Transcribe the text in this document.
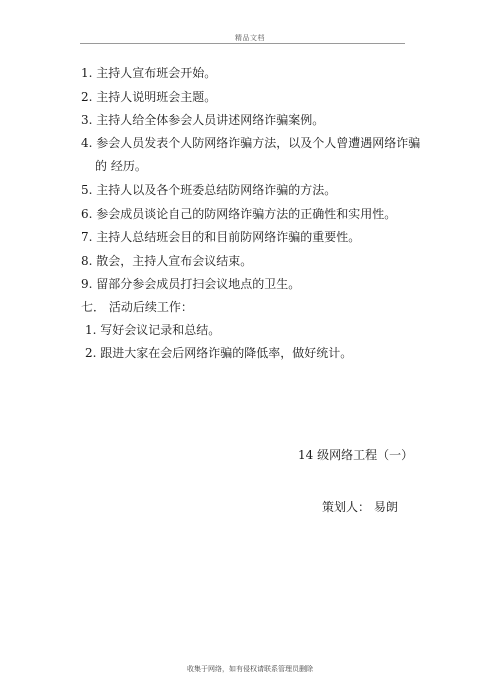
精品文档
1. 主持人宣布班会开始。
2. 主持人说明班会主题。
3. 主持人给全体参会人员讲述网络诈骗案例。
4. 参会人员发表个人防网络诈骗方法，以及个人曾遭遇网络诈骗
的 经历。
5. 主持人以及各个班委总结防网络诈骗的方法。
6. 参会成员谈论自己的防网络诈骗方法的正确性和实用性。
7. 主持人总结班会目的和目前防网络诈骗的重要性。
8. 散会，主持人宣布会议结束。
9. 留部分参会成员打扫会议地点的卫生。
七． 活动后续工作：
1. 写好会议记录和总结。
2. 跟进大家在会后网络诈骗的降低率，做好统计。
14 级网络工程（一）
策划人： 易朗
收集于网络，如有侵权请联系管理员删除
